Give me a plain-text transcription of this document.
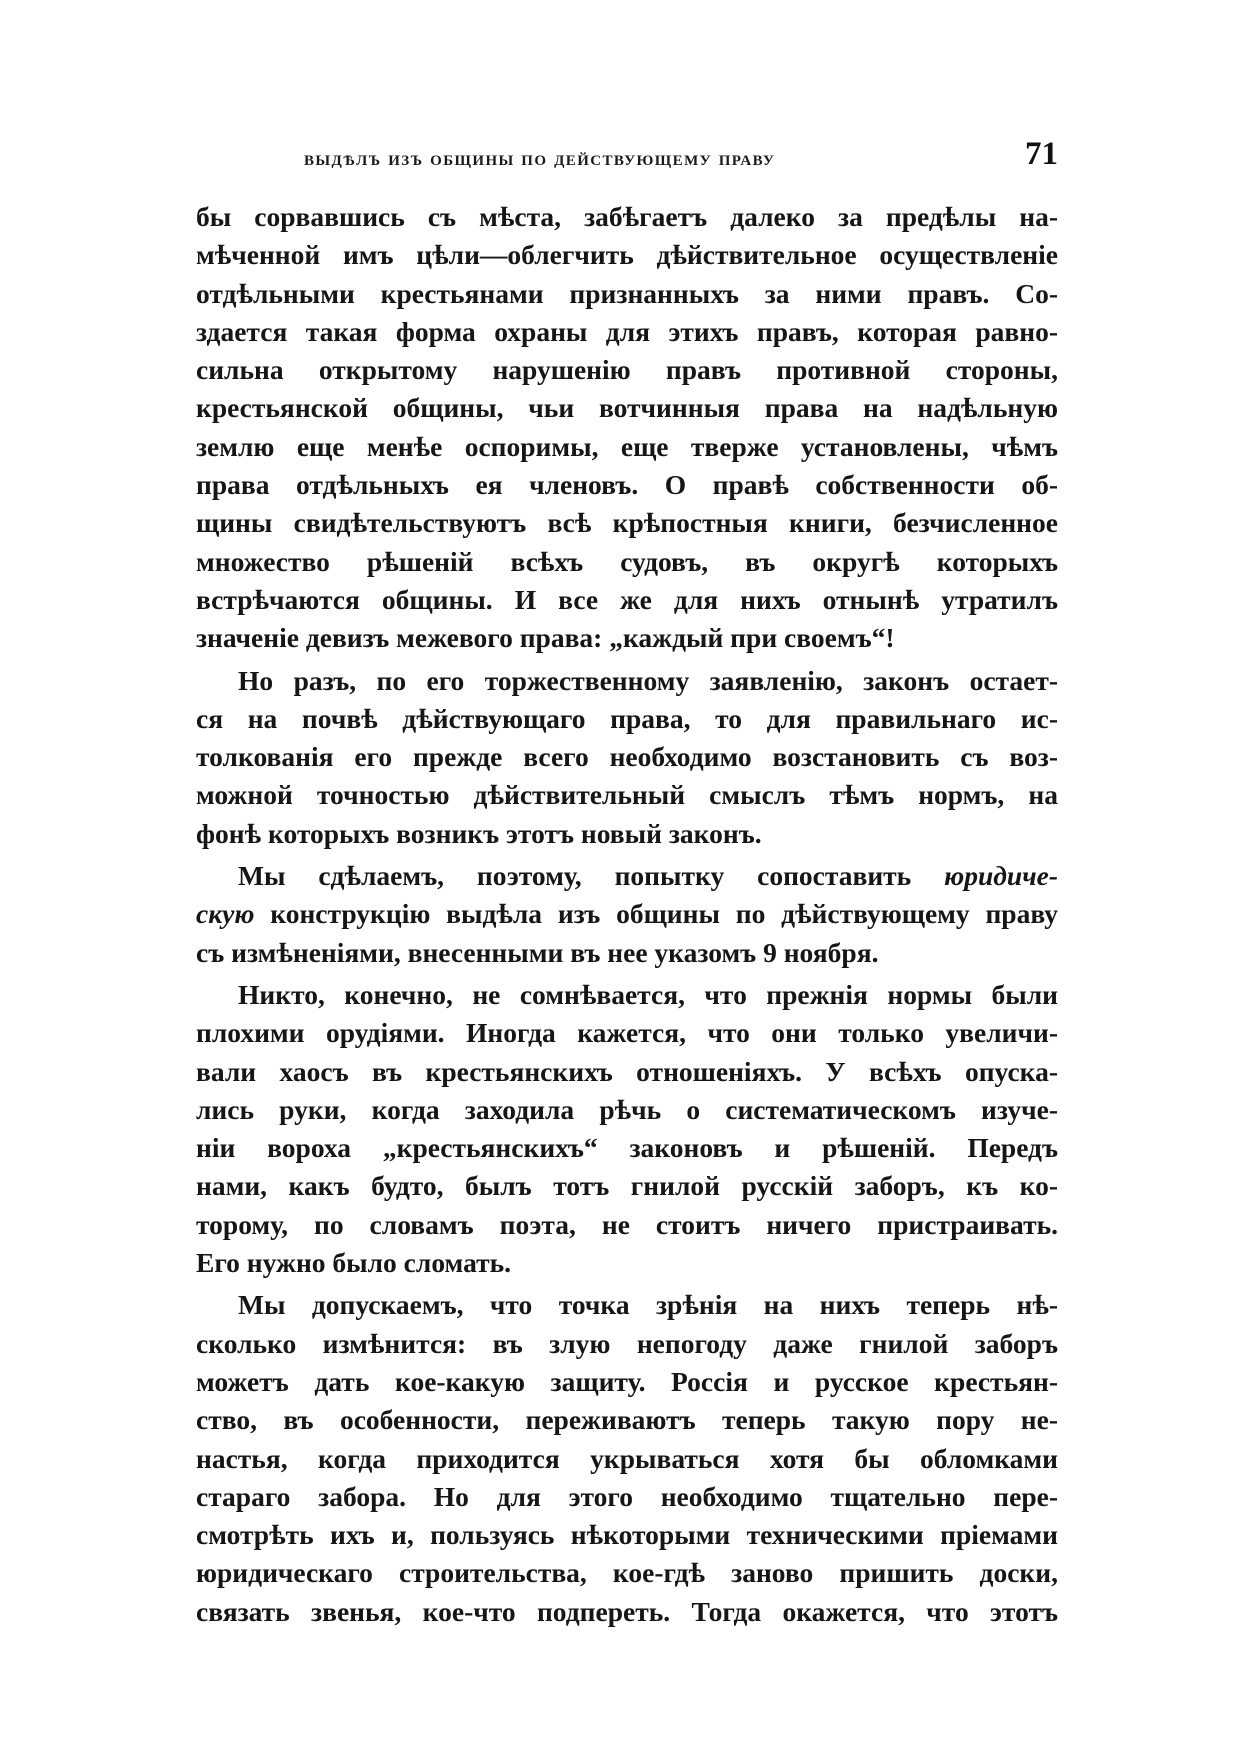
выдѣлъ изъ общины по действующему праву	71

бы сорвавшись съ мѣста, забѣгаетъ далеко за предѣлы на-
мѣченной имъ цѣли—облегчить дѣйствительное осуществленіе
отдѣльными крестьянами признанныхъ за ними правъ. Со-
здается такая форма охраны для этихъ правъ, которая равно-
сильна открытому нарушенію правъ противной стороны,
крестьянской общины, чьи вотчинныя права на надѣльную
землю еще менѣе оспоримы, еще тверже установлены, чѣмъ
права отдѣльныхъ ея членовъ. О правѣ собственности об-
щины свидѣтельствуютъ всѣ крѣпостныя книги, безчисленное
множество рѣшеній всѣхъ судовъ, въ округѣ которыхъ
встрѣчаются общины. И все же для нихъ отнынѣ утратилъ
значеніе девизъ межевого права: „каждый при своемъ“!

Но разъ, по его торжественному заявленію, законъ остает-
ся на почвѣ дѣйствующаго права, то для правильнаго ис-
толкованія его прежде всего необходимо возстановить съ воз-
можной точностью дѣйствительный смыслъ тѣмъ нормъ, на
фонѣ которыхъ возникъ этотъ новый законъ.

Мы сдѣлаемъ, поэтому, попытку сопоставить юридиче-
скую конструкцію выдѣла изъ общины по дѣйствующему праву
съ измѣненіями, внесенными въ нее указомъ 9 ноября.

Никто, конечно, не сомнѣвается, что прежнія нормы были
плохими орудіями. Иногда кажется, что они только увеличи-
вали хаосъ въ крестьянскихъ отношеніяхъ. У всѣхъ опуска-
лись руки, когда заходила рѣчь о систематическомъ изуче-
ніи вороха „крестьянскихъ“ законовъ и рѣшеній. Передъ
нами, какъ будто, былъ тотъ гнилой русскій заборъ, къ ко-
торому, по словамъ поэта, не стоитъ ничего пристраивать.
Его нужно было сломать.

Мы допускаемъ, что точка зрѣнія на нихъ теперь нѣ-
сколько измѣнится: въ злую непогоду даже гнилой заборъ
можетъ дать кое-какую защиту. Россія и русское крестьян-
ство, въ особенности, переживаютъ теперь такую пору не-
настья, когда приходится укрываться хотя бы обломками
стараго забора. Но для этого необходимо тщательно пере-
смотрѣть ихъ и, пользуясь нѣкоторыми техническими пріемами
юридическаго строительства, кое-гдѣ заново пришить доски,
связать звенья, кое-что подпереть. Тогда окажется, что этотъ
